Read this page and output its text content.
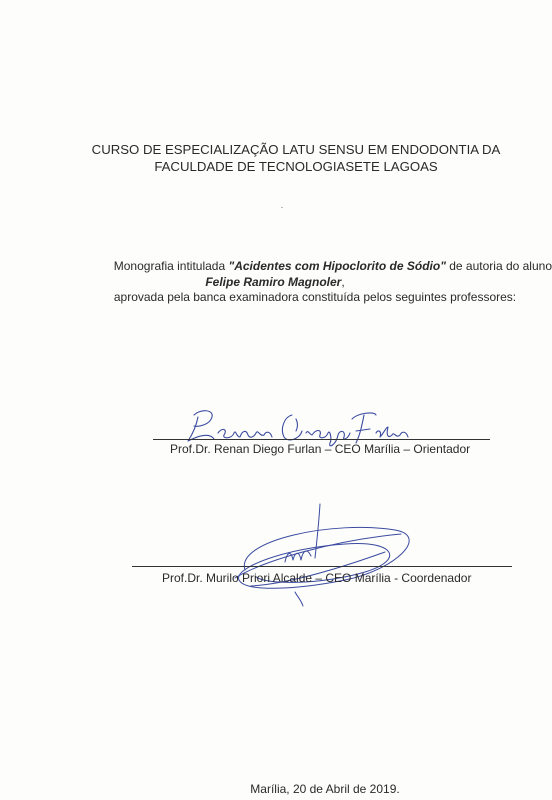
CURSO DE ESPECIALIZAÇÃO LATU SENSU EM ENDODONTIA DA
FACULDADE DE TECNOLOGIASETE LAGOAS
Monografia intitulada "Acidentes com Hipoclorito de Sódio" de autoria do aluno
Felipe Ramiro Magnoler,
aprovada pela banca examinadora constituída pelos seguintes professores:
Prof.Dr. Renan Diego Furlan – CEO Marília – Orientador
Prof.Dr. Murilo Priori Alcalde – CEO Marília - Coordenador
Marília, 20 de Abril de 2019.
